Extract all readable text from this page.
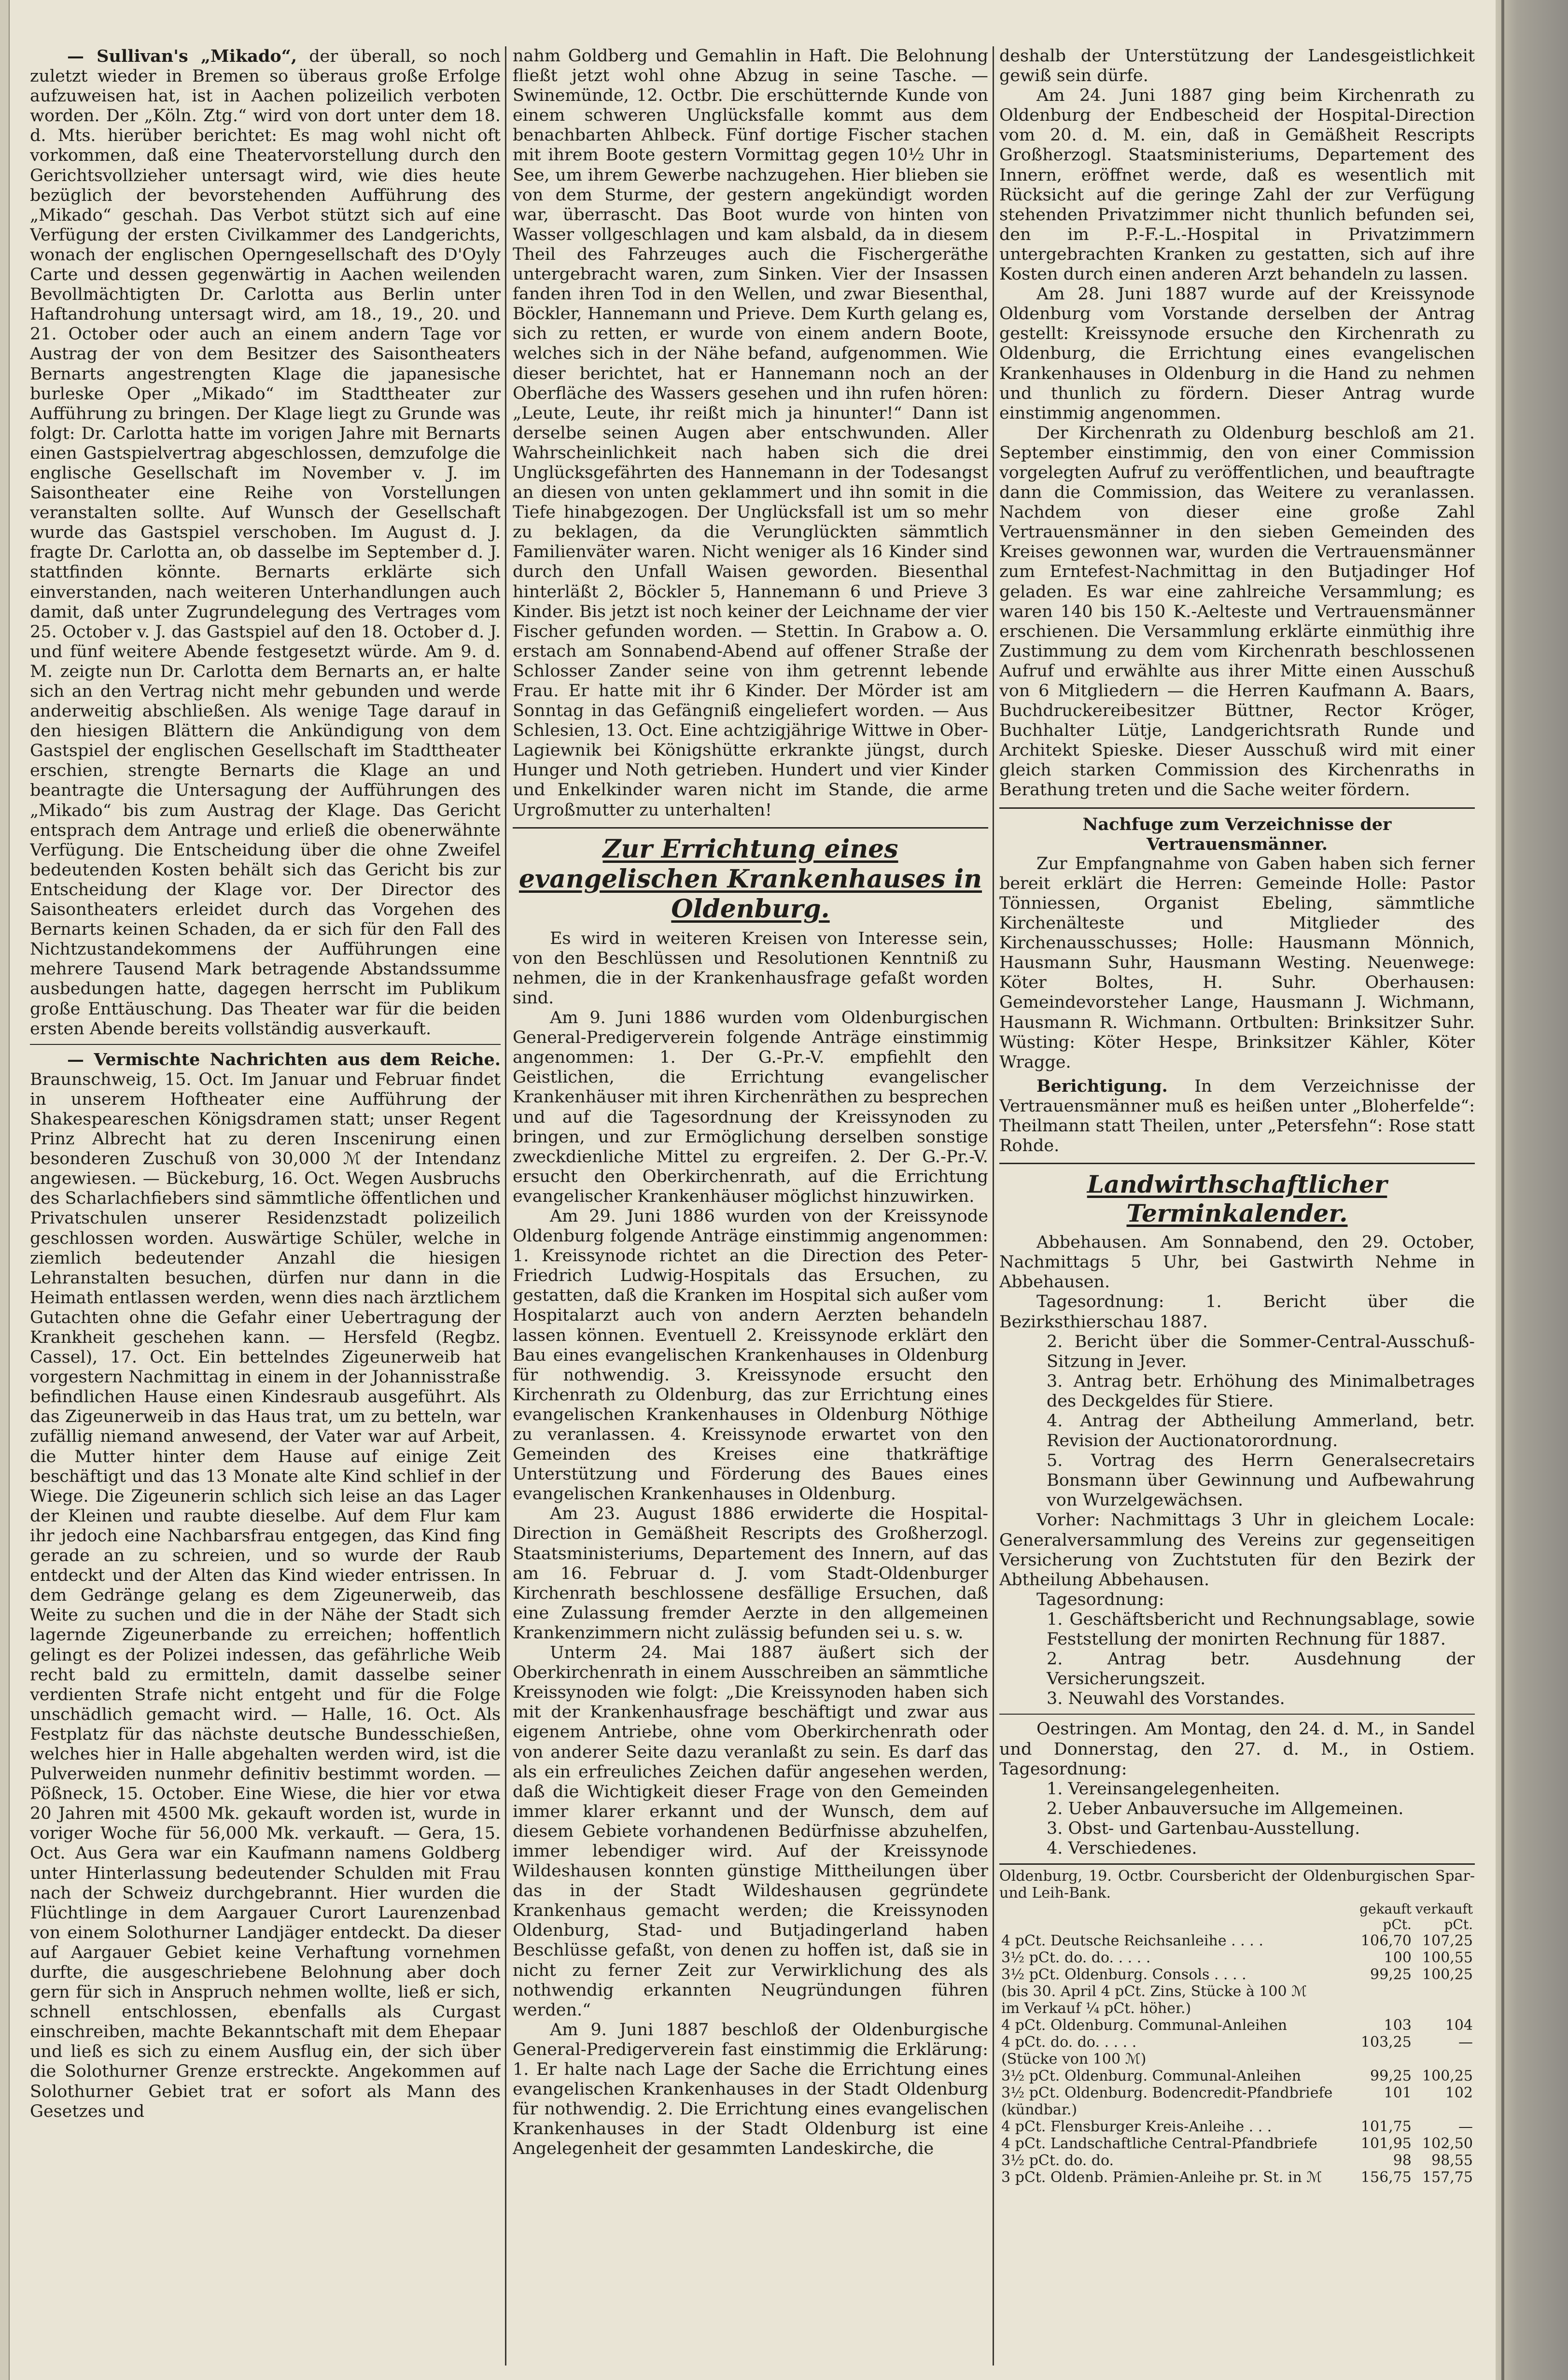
— Sullivan's „Mikado“, der überall, so noch zuletzt wieder in Bremen so überaus große Erfolge aufzuweisen hat, ist in Aachen polizeilich verboten worden. Der „Köln. Ztg.“ wird von dort unter dem 18. d. Mts. hierüber berichtet: Es mag wohl nicht oft vorkommen, daß eine Theatervorstellung durch den Gerichtsvollzieher untersagt wird, wie dies heute bezüglich der bevorstehenden Aufführung des „Mikado“ geschah. Das Verbot stützt sich auf eine Verfügung der ersten Civilkammer des Landgerichts, wonach der englischen Operngesellschaft des D'Oyly Carte und dessen gegenwärtig in Aachen weilenden Bevollmächtigten Dr. Carlotta aus Berlin unter Haftandrohung untersagt wird, am 18., 19., 20. und 21. October oder auch an einem andern Tage vor Austrag der von dem Besitzer des Saisontheaters Bernarts angestrengten Klage die japanesische burleske Oper „Mikado“ im Stadttheater zur Aufführung zu bringen. Der Klage liegt zu Grunde was folgt: Dr. Carlotta hatte im vorigen Jahre mit Bernarts einen Gastspielvertrag abgeschlossen, demzufolge die englische Gesellschaft im November v. J. im Saisontheater eine Reihe von Vorstellungen veranstalten sollte. Auf Wunsch der Gesellschaft wurde das Gastspiel verschoben. Im August d. J. fragte Dr. Carlotta an, ob dasselbe im September d. J. stattfinden könnte. Bernarts erklärte sich einverstanden, nach weiteren Unterhandlungen auch damit, daß unter Zugrundelegung des Vertrages vom 25. October v. J. das Gastspiel auf den 18. October d. J. und fünf weitere Abende festgesetzt würde. Am 9. d. M. zeigte nun Dr. Carlotta dem Bernarts an, er halte sich an den Vertrag nicht mehr gebunden und werde anderweitig abschließen. Als wenige Tage darauf in den hiesigen Blättern die Ankündigung von dem Gastspiel der englischen Gesellschaft im Stadttheater erschien, strengte Bernarts die Klage an und beantragte die Untersagung der Aufführungen des „Mikado“ bis zum Austrag der Klage. Das Gericht entsprach dem Antrage und erließ die obenerwähnte Verfügung. Die Entscheidung über die ohne Zweifel bedeutenden Kosten behält sich das Gericht bis zur Entscheidung der Klage vor. Der Director des Saisontheaters erleidet durch das Vorgehen des Bernarts keinen Schaden, da er sich für den Fall des Nichtzustandekommens der Aufführungen eine mehrere Tausend Mark betragende Abstandssumme ausbedungen hatte, dagegen herrscht im Publikum große Enttäuschung. Das Theater war für die beiden ersten Abende bereits vollständig ausverkauft.

— Vermischte Nachrichten aus dem Reiche. Braunschweig, 15. Oct. Im Januar und Februar findet in unserem Hoftheater eine Aufführung der Shakespeareschen Königsdramen statt; unser Regent Prinz Albrecht hat zu deren Inscenirung einen besonderen Zuschuß von 30,000 ℳ der Intendanz angewiesen. — Bückeburg, 16. Oct. Wegen Ausbruchs des Scharlachfiebers sind sämmtliche öffentlichen und Privatschulen unserer Residenzstadt polizeilich geschlossen worden. Auswärtige Schüler, welche in ziemlich bedeutender Anzahl die hiesigen Lehranstalten besuchen, dürfen nur dann in die Heimath entlassen werden, wenn dies nach ärztlichem Gutachten ohne die Gefahr einer Uebertragung der Krankheit geschehen kann. — Hersfeld (Regbz. Cassel), 17. Oct. Ein bettelndes Zigeunerweib hat vorgestern Nachmittag in einem in der Johannisstraße befindlichen Hause einen Kindesraub ausgeführt. Als das Zigeunerweib in das Haus trat, um zu betteln, war zufällig niemand anwesend, der Vater war auf Arbeit, die Mutter hinter dem Hause auf einige Zeit beschäftigt und das 13 Monate alte Kind schlief in der Wiege. Die Zigeunerin schlich sich leise an das Lager der Kleinen und raubte dieselbe. Auf dem Flur kam ihr jedoch eine Nachbarsfrau entgegen, das Kind fing gerade an zu schreien, und so wurde der Raub entdeckt und der Alten das Kind wieder entrissen. In dem Gedränge gelang es dem Zigeunerweib, das Weite zu suchen und die in der Nähe der Stadt sich lagernde Zigeunerbande zu erreichen; hoffentlich gelingt es der Polizei indessen, das gefährliche Weib recht bald zu ermitteln, damit dasselbe seiner verdienten Strafe nicht entgeht und für die Folge unschädlich gemacht wird. — Halle, 16. Oct. Als Festplatz für das nächste deutsche Bundesschießen, welches hier in Halle abgehalten werden wird, ist die Pulverweiden nunmehr definitiv bestimmt worden. — Pößneck, 15. October. Eine Wiese, die hier vor etwa 20 Jahren mit 4500 Mk. gekauft worden ist, wurde in voriger Woche für 56,000 Mk. verkauft. — Gera, 15. Oct. Aus Gera war ein Kaufmann namens Goldberg unter Hinterlassung bedeutender Schulden mit Frau nach der Schweiz durchgebrannt. Hier wurden die Flüchtlinge in dem Aargauer Curort Laurenzenbad von einem Solothurner Landjäger entdeckt. Da dieser auf Aargauer Gebiet keine Verhaftung vornehmen durfte, die ausgeschriebene Belohnung aber doch gern für sich in Anspruch nehmen wollte, ließ er sich, schnell entschlossen, ebenfalls als Curgast einschreiben, machte Bekanntschaft mit dem Ehepaar und ließ es sich zu einem Ausflug ein, der sich über die Solothurner Grenze erstreckte. Angekommen auf Solothurner Gebiet trat er sofort als Mann des Gesetzes und

nahm Goldberg und Gemahlin in Haft. Die Belohnung fließt jetzt wohl ohne Abzug in seine Tasche. — Swinemünde, 12. Octbr. Die erschütternde Kunde von einem schweren Unglücksfalle kommt aus dem benachbarten Ahlbeck. Fünf dortige Fischer stachen mit ihrem Boote gestern Vormittag gegen 10½ Uhr in See, um ihrem Gewerbe nachzugehen. Hier blieben sie von dem Sturme, der gestern angekündigt worden war, überrascht. Das Boot wurde von hinten von Wasser vollgeschlagen und kam alsbald, da in diesem Theil des Fahrzeuges auch die Fischergeräthe untergebracht waren, zum Sinken. Vier der Insassen fanden ihren Tod in den Wellen, und zwar Biesenthal, Böckler, Hannemann und Prieve. Dem Kurth gelang es, sich zu retten, er wurde von einem andern Boote, welches sich in der Nähe befand, aufgenommen. Wie dieser berichtet, hat er Hannemann noch an der Oberfläche des Wassers gesehen und ihn rufen hören: „Leute, Leute, ihr reißt mich ja hinunter!“ Dann ist derselbe seinen Augen aber entschwunden. Aller Wahrscheinlichkeit nach haben sich die drei Unglücksgefährten des Hannemann in der Todesangst an diesen von unten geklammert und ihn somit in die Tiefe hinabgezogen. Der Unglücksfall ist um so mehr zu beklagen, da die Verunglückten sämmtlich Familienväter waren. Nicht weniger als 16 Kinder sind durch den Unfall Waisen geworden. Biesenthal hinterläßt 2, Böckler 5, Hannemann 6 und Prieve 3 Kinder. Bis jetzt ist noch keiner der Leichname der vier Fischer gefunden worden. — Stettin. In Grabow a. O. erstach am Sonnabend-Abend auf offener Straße der Schlosser Zander seine von ihm getrennt lebende Frau. Er hatte mit ihr 6 Kinder. Der Mörder ist am Sonntag in das Gefängniß eingeliefert worden. — Aus Schlesien, 13. Oct. Eine achtzigjährige Wittwe in Ober-Lagiewnik bei Königshütte erkrankte jüngst, durch Hunger und Noth getrieben. Hundert und vier Kinder und Enkelkinder waren nicht im Stande, die arme Urgroßmutter zu unterhalten!

Zur Errichtung eines evangelischen Krankenhauses in Oldenburg.

Es wird in weiteren Kreisen von Interesse sein, von den Beschlüssen und Resolutionen Kenntniß zu nehmen, die in der Krankenhausfrage gefaßt worden sind.

Am 9. Juni 1886 wurden vom Oldenburgischen General-Predigerverein folgende Anträge einstimmig angenommen: 1. Der G.-Pr.-V. empfiehlt den Geistlichen, die Errichtung evangelischer Krankenhäuser mit ihren Kirchenräthen zu besprechen und auf die Tagesordnung der Kreissynoden zu bringen, und zur Ermöglichung derselben sonstige zweckdienliche Mittel zu ergreifen. 2. Der G.-Pr.-V. ersucht den Oberkirchenrath, auf die Errichtung evangelischer Krankenhäuser möglichst hinzuwirken.

Am 29. Juni 1886 wurden von der Kreissynode Oldenburg folgende Anträge einstimmig angenommen: 1. Kreissynode richtet an die Direction des Peter-Friedrich Ludwig-Hospitals das Ersuchen, zu gestatten, daß die Kranken im Hospital sich außer vom Hospitalarzt auch von andern Aerzten behandeln lassen können. Eventuell 2. Kreissynode erklärt den Bau eines evangelischen Krankenhauses in Oldenburg für nothwendig. 3. Kreissynode ersucht den Kirchenrath zu Oldenburg, das zur Errichtung eines evangelischen Krankenhauses in Oldenburg Nöthige zu veranlassen. 4. Kreissynode erwartet von den Gemeinden des Kreises eine thatkräftige Unterstützung und Förderung des Baues eines evangelischen Krankenhauses in Oldenburg.

Am 23. August 1886 erwiderte die Hospital-Direction in Gemäßheit Rescripts des Großherzogl. Staatsministeriums, Departement des Innern, auf das am 16. Februar d. J. vom Stadt-Oldenburger Kirchenrath beschlossene desfällige Ersuchen, daß eine Zulassung fremder Aerzte in den allgemeinen Krankenzimmern nicht zulässig befunden sei u. s. w.

Unterm 24. Mai 1887 äußert sich der Oberkirchenrath in einem Ausschreiben an sämmtliche Kreissynoden wie folgt: „Die Kreissynoden haben sich mit der Krankenhausfrage beschäftigt und zwar aus eigenem Antriebe, ohne vom Oberkirchenrath oder von anderer Seite dazu veranlaßt zu sein. Es darf das als ein erfreuliches Zeichen dafür angesehen werden, daß die Wichtigkeit dieser Frage von den Gemeinden immer klarer erkannt und der Wunsch, dem auf diesem Gebiete vorhandenen Bedürfnisse abzuhelfen, immer lebendiger wird. Auf der Kreissynode Wildeshausen konnten günstige Mittheilungen über das in der Stadt Wildeshausen gegründete Krankenhaus gemacht werden; die Kreissynoden Oldenburg, Stad- und Butjadingerland haben Beschlüsse gefaßt, von denen zu hoffen ist, daß sie in nicht zu ferner Zeit zur Verwirklichung des als nothwendig erkannten Neugründungen führen werden.“

Am 9. Juni 1887 beschloß der Oldenburgische General-Predigerverein fast einstimmig die Erklärung: 1. Er halte nach Lage der Sache die Errichtung eines evangelischen Krankenhauses in der Stadt Oldenburg für nothwendig. 2. Die Errichtung eines evangelischen Krankenhauses in der Stadt Oldenburg ist eine Angelegenheit der gesammten Landeskirche, die

deshalb der Unterstützung der Landesgeistlichkeit gewiß sein dürfe.

Am 24. Juni 1887 ging beim Kirchenrath zu Oldenburg der Endbescheid der Hospital-Direction vom 20. d. M. ein, daß in Gemäßheit Rescripts Großherzogl. Staatsministeriums, Departement des Innern, eröffnet werde, daß es wesentlich mit Rücksicht auf die geringe Zahl der zur Verfügung stehenden Privatzimmer nicht thunlich befunden sei, den im P.-F.-L.-Hospital in Privatzimmern untergebrachten Kranken zu gestatten, sich auf ihre Kosten durch einen anderen Arzt behandeln zu lassen.

Am 28. Juni 1887 wurde auf der Kreissynode Oldenburg vom Vorstande derselben der Antrag gestellt: Kreissynode ersuche den Kirchenrath zu Oldenburg, die Errichtung eines evangelischen Krankenhauses in Oldenburg in die Hand zu nehmen und thunlich zu fördern. Dieser Antrag wurde einstimmig angenommen.

Der Kirchenrath zu Oldenburg beschloß am 21. September einstimmig, den von einer Commission vorgelegten Aufruf zu veröffentlichen, und beauftragte dann die Commission, das Weitere zu veranlassen. Nachdem von dieser eine große Zahl Vertrauensmänner in den sieben Gemeinden des Kreises gewonnen war, wurden die Vertrauensmänner zum Erntefest-Nachmittag in den Butjadinger Hof geladen. Es war eine zahlreiche Versammlung; es waren 140 bis 150 K.-Aelteste und Vertrauensmänner erschienen. Die Versammlung erklärte einmüthig ihre Zustimmung zu dem vom Kirchenrath beschlossenen Aufruf und erwählte aus ihrer Mitte einen Ausschuß von 6 Mitgliedern — die Herren Kaufmann A. Baars, Buchdruckereibesitzer Büttner, Rector Kröger, Buchhalter Lütje, Landgerichtsrath Runde und Architekt Spieske. Dieser Ausschuß wird mit einer gleich starken Commission des Kirchenraths in Berathung treten und die Sache weiter fördern.

Nachfuge zum Verzeichnisse der Vertrauensmänner.

Zur Empfangnahme von Gaben haben sich ferner bereit erklärt die Herren: Gemeinde Holle: Pastor Tönniessen, Organist Ebeling, sämmtliche Kirchenälteste und Mitglieder des Kirchenausschusses; Holle: Hausmann Mönnich, Hausmann Suhr, Hausmann Westing. Neuenwege: Köter Boltes, H. Suhr. Oberhausen: Gemeindevorsteher Lange, Hausmann J. Wichmann, Hausmann R. Wichmann. Ortbulten: Brinksitzer Suhr. Wüsting: Köter Hespe, Brinksitzer Kähler, Köter Wragge.

Berichtigung. In dem Verzeichnisse der Vertrauensmänner muß es heißen unter „Bloherfelde“: Theilmann statt Theilen, unter „Petersfehn“: Rose statt Rohde.

Landwirthschaftlicher Terminkalender.

Abbehausen. Am Sonnabend, den 29. October, Nachmittags 5 Uhr, bei Gastwirth Nehme in Abbehausen.

Tagesordnung: 1. Bericht über die Bezirksthierschau 1887.

2. Bericht über die Sommer-Central-Ausschuß-Sitzung in Jever.

3. Antrag betr. Erhöhung des Minimalbetrages des Deckgeldes für Stiere.

4. Antrag der Abtheilung Ammerland, betr. Revision der Auctionatorordnung.

5. Vortrag des Herrn Generalsecretairs Bonsmann über Gewinnung und Aufbewahrung von Wurzelgewächsen.

Vorher: Nachmittags 3 Uhr in gleichem Locale: Generalversammlung des Vereins zur gegenseitigen Versicherung von Zuchtstuten für den Bezirk der Abtheilung Abbehausen.

Tagesordnung:

1. Geschäftsbericht und Rechnungsablage, sowie Feststellung der monirten Rechnung für 1887.

2. Antrag betr. Ausdehnung der Versicherungszeit.

3. Neuwahl des Vorstandes.

Oestringen. Am Montag, den 24. d. M., in Sandel und Donnerstag, den 27. d. M., in Ostiem. Tagesordnung:

1. Vereinsangelegenheiten.

2. Ueber Anbauversuche im Allgemeinen.

3. Obst- und Gartenbau-Ausstellung.

4. Verschiedenes.

Oldenburg, 19. Octbr. Coursbericht der Oldenburgischen Spar- und Leih-Bank.

	gekauft	verkauft
	pCt.	pCt.
4 pCt. Deutsche Reichsanleihe . . . .	106,70	107,25
3½ pCt. do. do. . . . .	100	100,55
3½ pCt. Oldenburg. Consols . . . .	99,25	100,25
(bis 30. April 4 pCt. Zins, Stücke à 100 ℳ		
im Verkauf ¼ pCt. höher.)		
4 pCt. Oldenburg. Communal-Anleihen	103	104
4 pCt. do. do. . . . .	103,25	—
(Stücke von 100 ℳ)		
3½ pCt. Oldenburg. Communal-Anleihen	99,25	100,25
3½ pCt. Oldenburg. Bodencredit-Pfandbriefe	101	102
(kündbar.)		
4 pCt. Flensburger Kreis-Anleihe . . .	101,75	—
4 pCt. Landschaftliche Central-Pfandbriefe	101,95	102,50
3½ pCt. do. do.	98	98,55
3 pCt. Oldenb. Prämien-Anleihe pr. St. in ℳ	156,75	157,75
